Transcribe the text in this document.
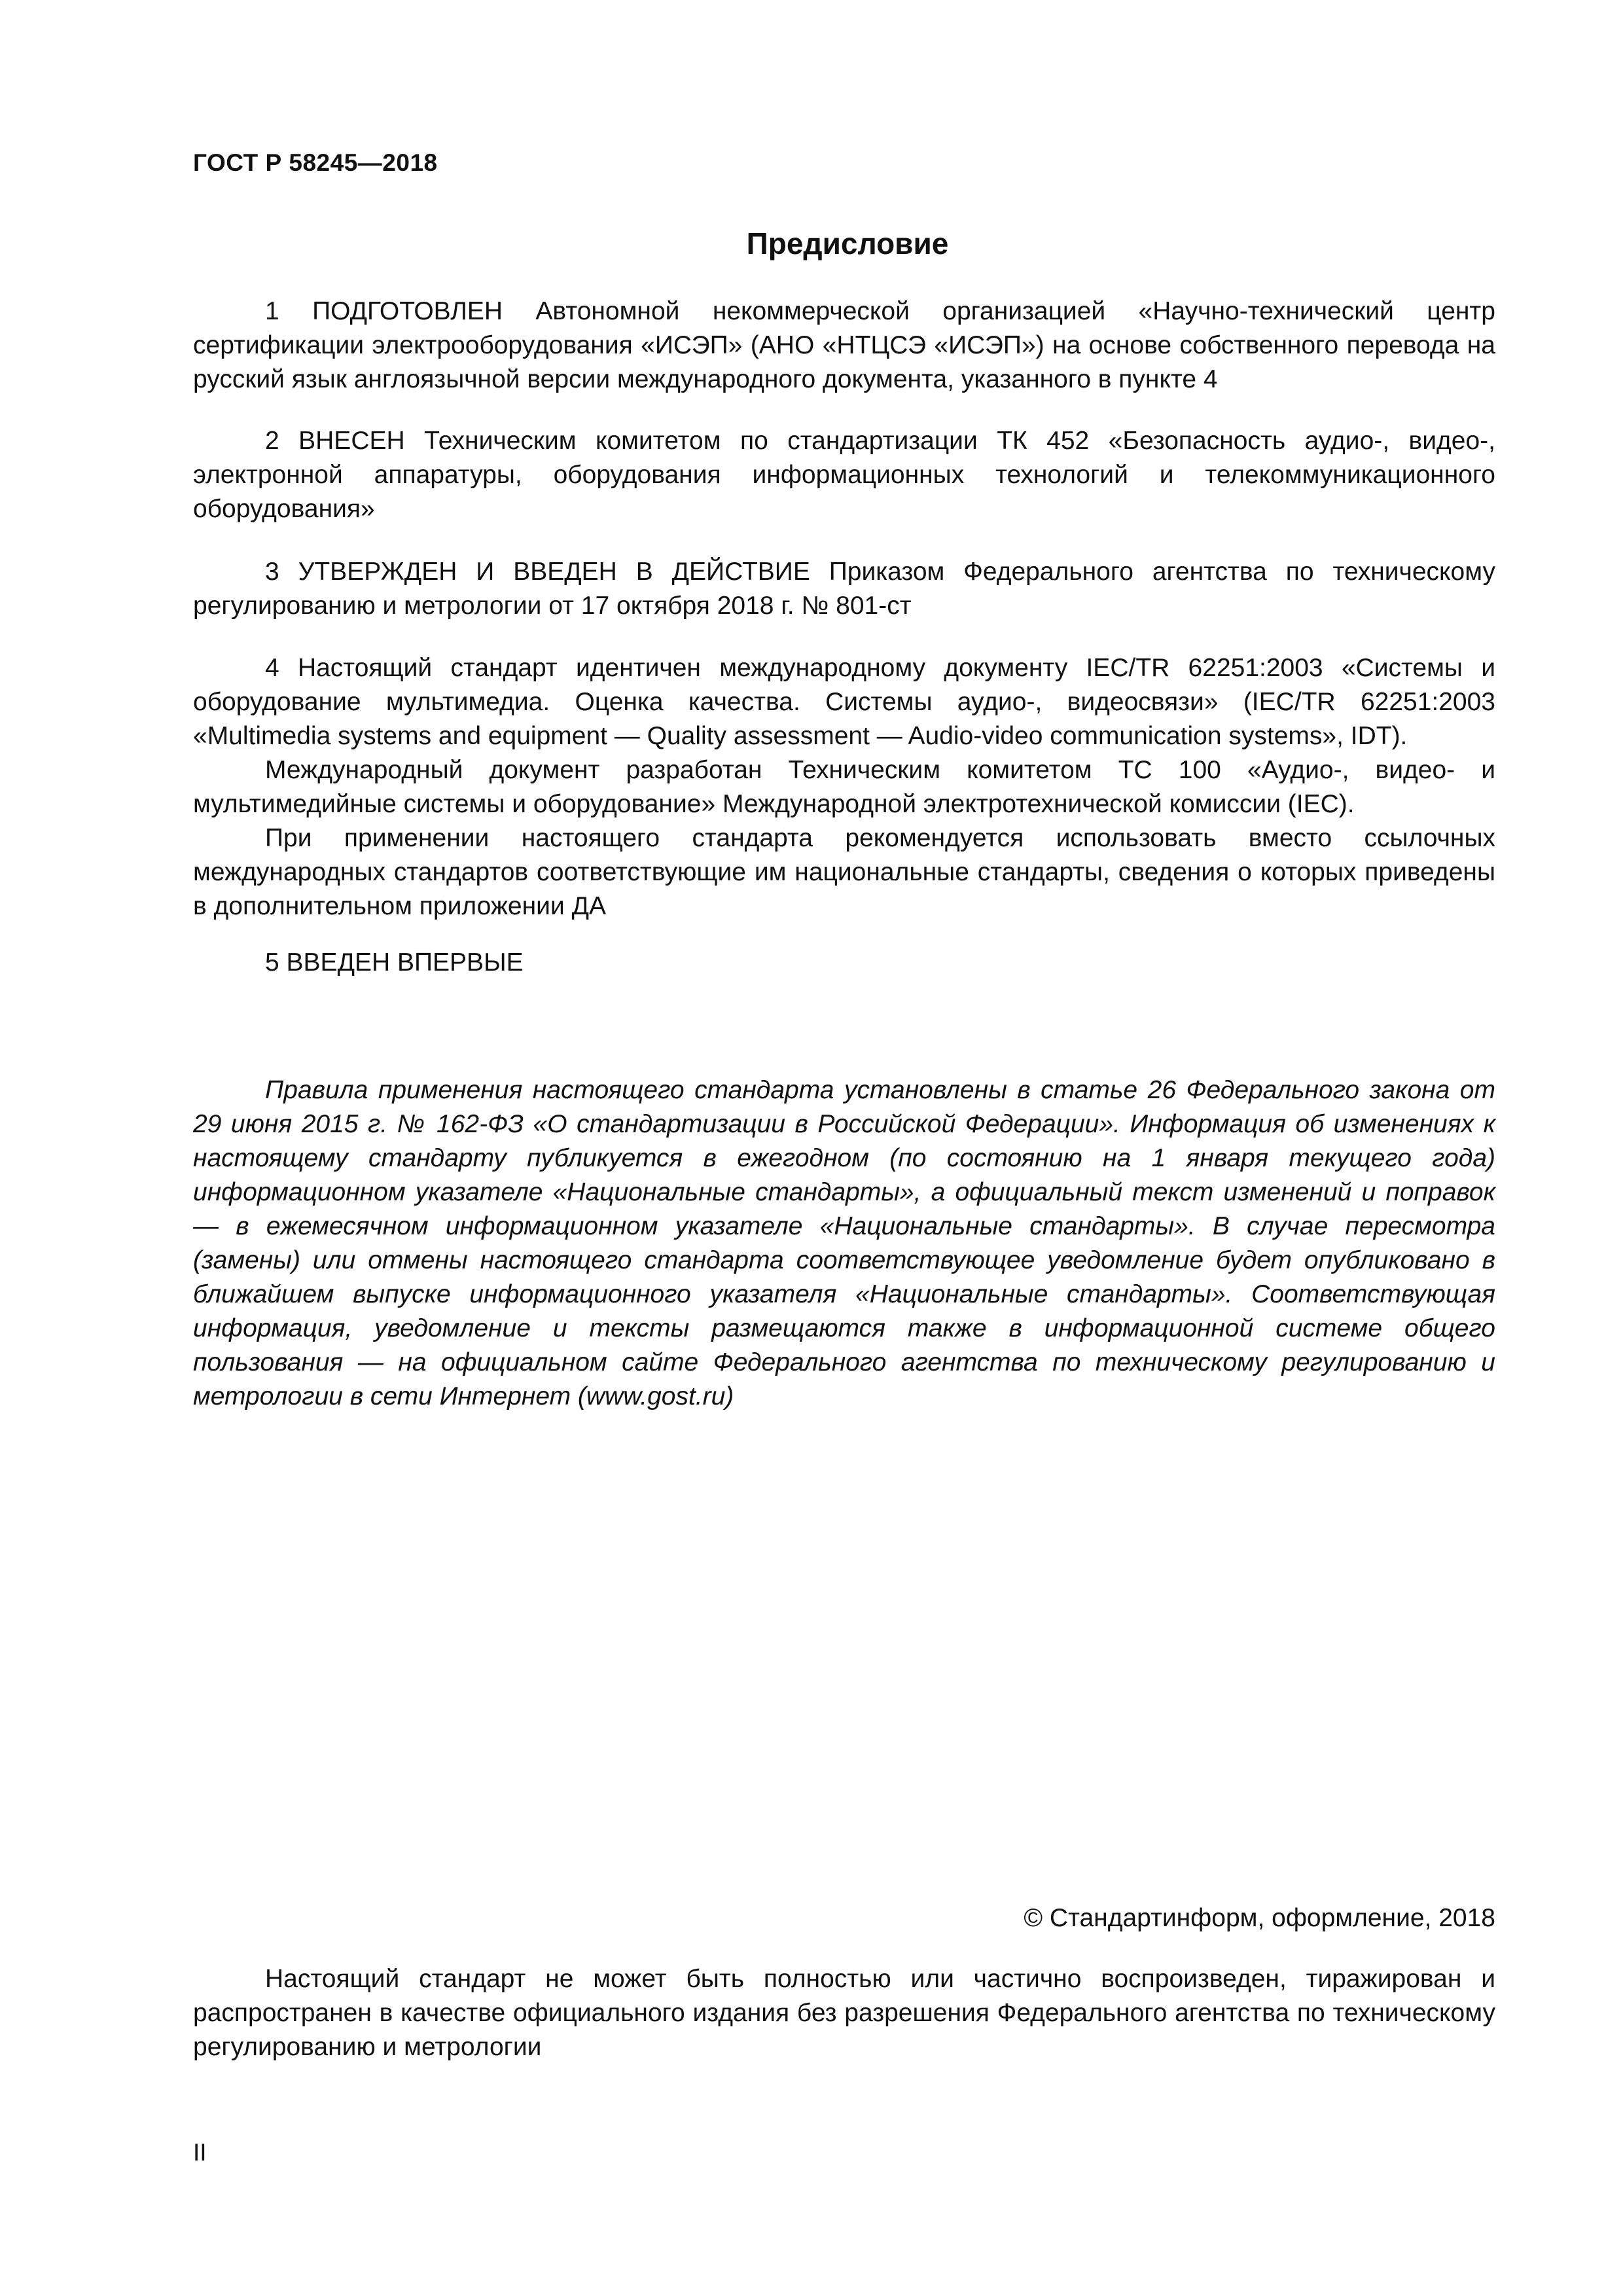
ГОСТ Р 58245—2018
Предисловие

1 ПОДГОТОВЛЕН Автономной некоммерческой организацией «Научно-технический центр сертификации электрооборудования «ИСЭП» (АНО «НТЦСЭ «ИСЭП») на основе собственного перевода на русский язык англоязычной версии международного документа, указанного в пункте 4

2 ВНЕСЕН Техническим комитетом по стандартизации ТК 452 «Безопасность аудио-, видео-, электронной аппаратуры, оборудования информационных технологий и телекоммуникационного оборудования»

3 УТВЕРЖДЕН И ВВЕДЕН В ДЕЙСТВИЕ Приказом Федерального агентства по техническому регулированию и метрологии от 17 октября 2018 г. № 801-ст

4 Настоящий стандарт идентичен международному документу IEC/TR 62251:2003 «Системы и оборудование мультимедиа. Оценка качества. Системы аудио-, видеосвязи» (IEC/TR 62251:2003 «Multimedia systems and equipment — Quality assessment — Audio-video communication systems», IDT).

Международный документ разработан Техническим комитетом ТС 100 «Аудио-, видео- и мультимедийные системы и оборудование» Международной электротехнической комиссии (IEC).

При применении настоящего стандарта рекомендуется использовать вместо ссылочных международных стандартов соответствующие им национальные стандарты, сведения о которых приведены в дополнительном приложении ДА

5 ВВЕДЕН ВПЕРВЫЕ

Правила применения настоящего стандарта установлены в статье 26 Федерального закона от 29 июня 2015 г. № 162-ФЗ «О стандартизации в Российской Федерации». Информация об изменениях к настоящему стандарту публикуется в ежегодном (по состоянию на 1 января текущего года) информационном указателе «Национальные стандарты», а официальный текст изменений и поправок — в ежемесячном информационном указателе «Национальные стандарты». В случае пересмотра (замены) или отмены настоящего стандарта соответствующее уведомление будет опубликовано в ближайшем выпуске информационного указателя «Национальные стандарты». Соответствующая информация, уведомление и тексты размещаются также в информационной системе общего пользования — на официальном сайте Федерального агентства по техническому регулированию и метрологии в сети Интернет (www.gost.ru)

© Стандартинформ, оформление, 2018

Настоящий стандарт не может быть полностью или частично воспроизведен, тиражирован и распространен в качестве официального издания без разрешения Федерального агентства по техническому регулированию и метрологии

II
